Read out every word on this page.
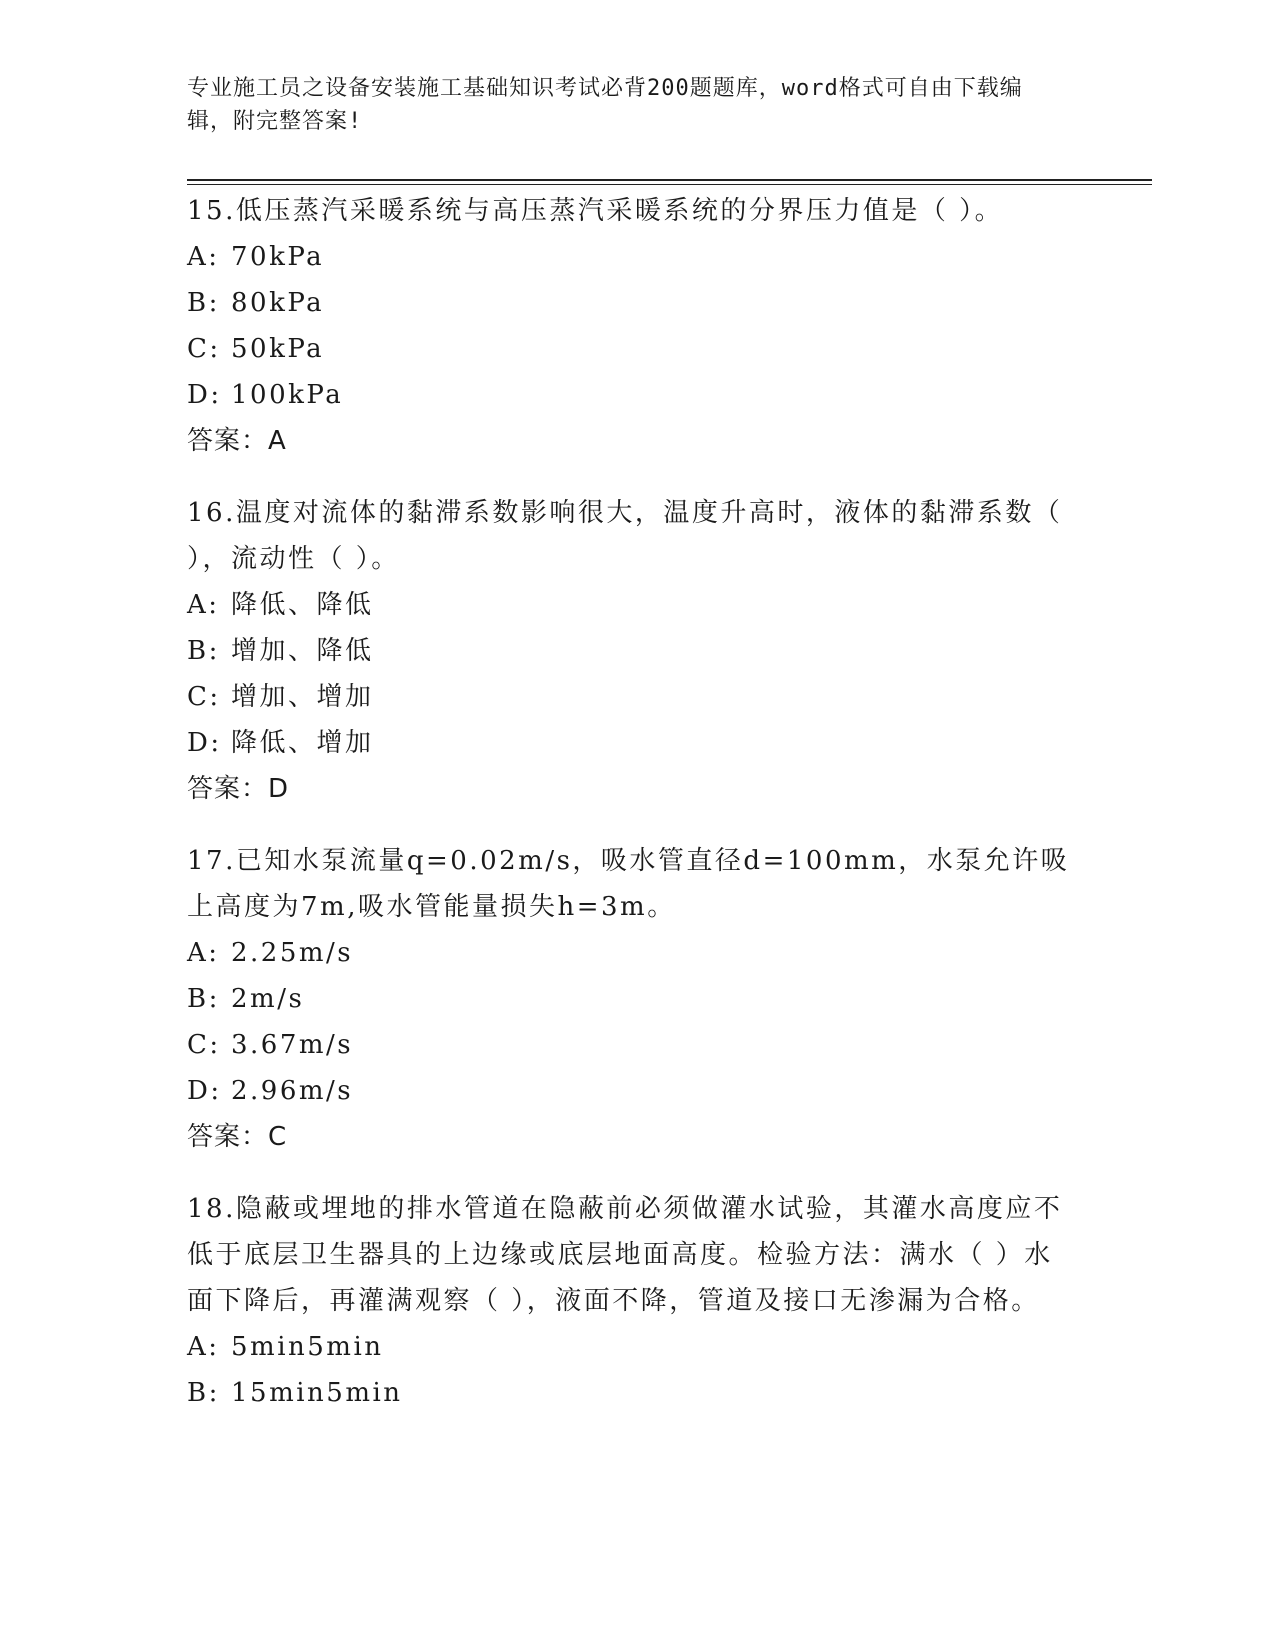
专业施工员之设备安装施工基础知识考试必背200题题库，word格式可自由下载编辑，附完整答案!

15.低压蒸汽采暖系统与高压蒸汽采暖系统的分界压力值是（ ）。

A: 70kPa

B: 80kPa

C: 50kPa

D: 100kPa

答案：A

16.温度对流体的黏滞系数影响很大，温度升高时，液体的黏滞系数（ ），流动性（ ）。

A: 降低、降低

B: 增加、降低

C: 增加、增加

D: 降低、增加

答案：D

17.已知水泵流量q=0.02m/s，吸水管直径d=100mm，水泵允许吸上高度为7m,吸水管能量损失h=3m。

A: 2.25m/s

B: 2m/s

C: 3.67m/s

D: 2.96m/s

答案：C

18.隐蔽或埋地的排水管道在隐蔽前必须做灌水试验，其灌水高度应不低于底层卫生器具的上边缘或底层地面高度。检验方法：满水（ ）水面下降后，再灌满观察（ ），液面不降，管道及接口无渗漏为合格。

A: 5min5min

B: 15min5min
